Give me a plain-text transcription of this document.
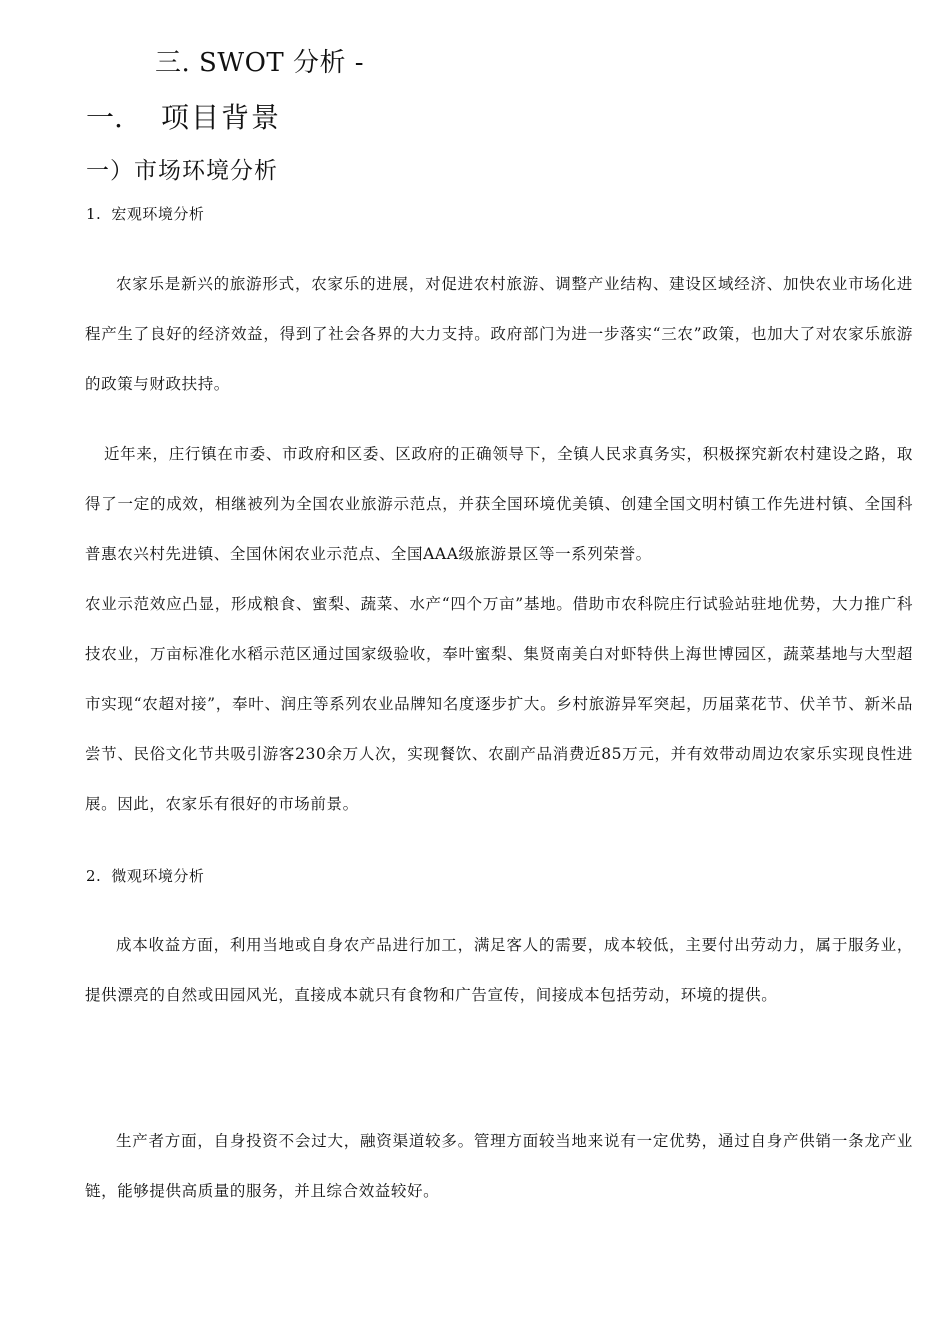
三. SWOT 分析 -
一. 项目背景
一）市场环境分析
1. 宏观环境分析

农家乐是新兴的旅游形式，农家乐的进展，对促进农村旅游、调整产业结构、建设区域经济、加快农业市场化进程产生了良好的经济效益，得到了社会各界的大力支持。政府部门为进一步落实“三农”政策，也加大了对农家乐旅游的政策与财政扶持。

近年来，庄行镇在市委、市政府和区委、区政府的正确领导下，全镇人民求真务实，积极探究新农村建设之路，取得了一定的成效，相继被列为全国农业旅游示范点，并获全国环境优美镇、创建全国文明村镇工作先进村镇、全国科普惠农兴村先进镇、全国休闲农业示范点、全国AAA级旅游景区等一系列荣誉。

农业示范效应凸显，形成粮食、蜜梨、蔬菜、水产“四个万亩”基地。借助市农科院庄行试验站驻地优势，大力推广科技农业，万亩标准化水稻示范区通过国家级验收，奉叶蜜梨、集贤南美白对虾特供上海世博园区，蔬菜基地与大型超市实现“农超对接”，奉叶、润庄等系列农业品牌知名度逐步扩大。乡村旅游异军突起，历届菜花节、伏羊节、新米品尝节、民俗文化节共吸引游客230余万人次，实现餐饮、农副产品消费近85万元，并有效带动周边农家乐实现良性进展。因此，农家乐有很好的市场前景。

2. 微观环境分析

成本收益方面，利用当地或自身农产品进行加工，满足客人的需要，成本较低，主要付出劳动力，属于服务业，提供漂亮的自然或田园风光，直接成本就只有食物和广告宣传，间接成本包括劳动，环境的提供。

生产者方面，自身投资不会过大，融资渠道较多。管理方面较当地来说有一定优势，通过自身产供销一条龙产业链，能够提供高质量的服务，并且综合效益较好。
